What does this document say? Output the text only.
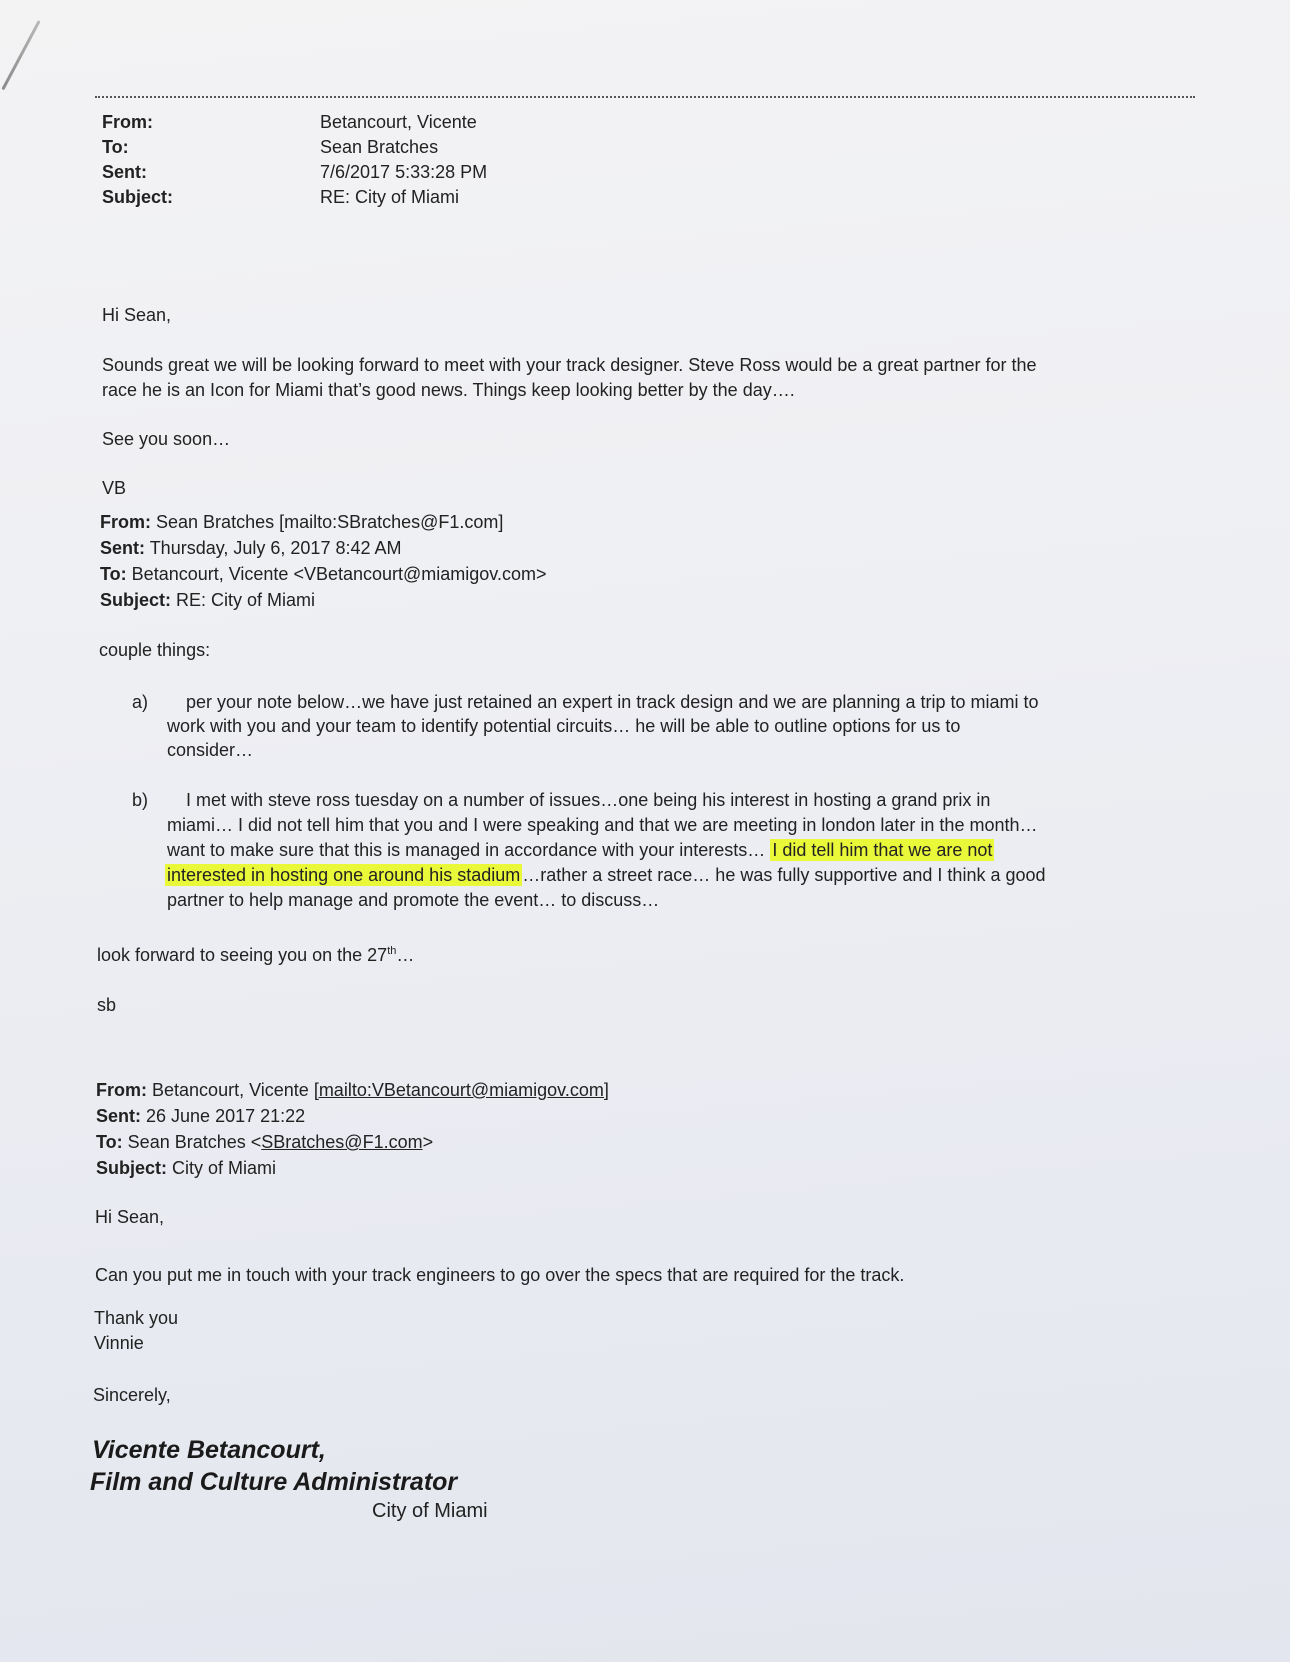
From:	Betancourt, Vicente
To:	Sean Bratches
Sent:	7/6/2017 5:33:28 PM
Subject:	RE: City of Miami
Hi Sean,
Sounds great we will be looking forward to meet with your track designer. Steve Ross would be a great partner for the
race he is an Icon for Miami that’s good news. Things keep looking better by the day….
See you soon…
VB
From: Sean Bratches [mailto:SBratches@F1.com]
Sent: Thursday, July 6, 2017 8:42 AM
To: Betancourt, Vicente <VBetancourt@miamigov.com>
Subject: RE: City of Miami
couple things:
a) per your note below…we have just retained an expert in track design and we are planning a trip to miami to
work with you and your team to identify potential circuits… he will be able to outline options for us to
consider…
b) I met with steve ross tuesday on a number of issues…one being his interest in hosting a grand prix in
miami… I did not tell him that you and I were speaking and that we are meeting in london later in the month…
want to make sure that this is managed in accordance with your interests… I did tell him that we are not
interested in hosting one around his stadium …rather a street race… he was fully supportive and I think a good
partner to help manage and promote the event… to discuss…
look forward to seeing you on the 27th…
sb
From: Betancourt, Vicente [mailto:VBetancourt@miamigov.com]
Sent: 26 June 2017 21:22
To: Sean Bratches <SBratches@F1.com>
Subject: City of Miami
Hi Sean,
Can you put me in touch with your track engineers to go over the specs that are required for the track.
Thank you
Vinnie
Sincerely,
Vicente Betancourt,
Film and Culture Administrator
City of Miami
